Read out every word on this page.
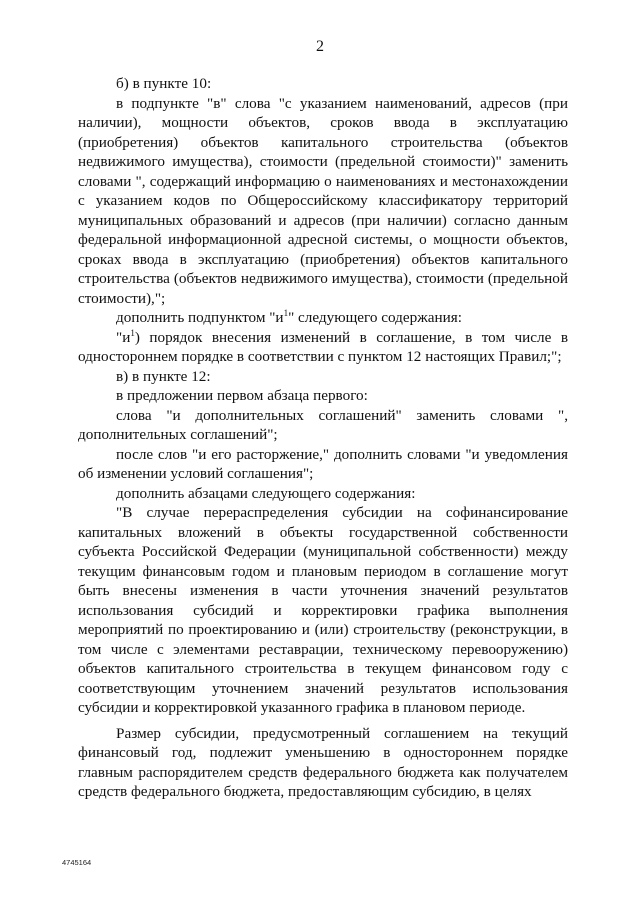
2

б) в пункте 10:

в подпункте "в" слова "с указанием наименований, адресов (при наличии), мощности объектов, сроков ввода в эксплуатацию (приобретения) объектов капитального строительства (объектов недвижимого имущества), стоимости (предельной стоимости)" заменить словами ", содержащий информацию о наименованиях и местонахождении с указанием кодов по Общероссийскому классификатору территорий муниципальных образований и адресов (при наличии) согласно данным федеральной информационной адресной системы, о мощности объектов, сроках ввода в эксплуатацию (приобретения) объектов капитального строительства (объектов недвижимого имущества), стоимости (предельной стоимости),";

дополнить подпунктом "$и^1$" следующего содержания:

"$и^1$) порядок внесения изменений в соглашение, в том числе в одностороннем порядке в соответствии с пунктом 12 настоящих Правил;";

в) в пункте 12:

в предложении первом абзаца первого:

слова "и дополнительных соглашений" заменить словами ", дополнительных соглашений";

после слов "и его расторжение," дополнить словами "и уведомления об изменении условий соглашения";

дополнить абзацами следующего содержания:

"В случае перераспределения субсидии на софинансирование капитальных вложений в объекты государственной собственности субъекта Российской Федерации (муниципальной собственности) между текущим финансовым годом и плановым периодом в соглашение могут быть внесены изменения в части уточнения значений результатов использования субсидий и корректировки графика выполнения мероприятий по проектированию и (или) строительству (реконструкции, в том числе с элементами реставрации, техническому перевооружению) объектов капитального строительства в текущем финансовом году с соответствующим уточнением значений результатов использования субсидии и корректировкой указанного графика в плановом периоде.

Размер субсидии, предусмотренный соглашением на текущий финансовый год, подлежит уменьшению в одностороннем порядке главным распорядителем средств федерального бюджета как получателем средств федерального бюджета, предоставляющим субсидию, в целях

4745164
